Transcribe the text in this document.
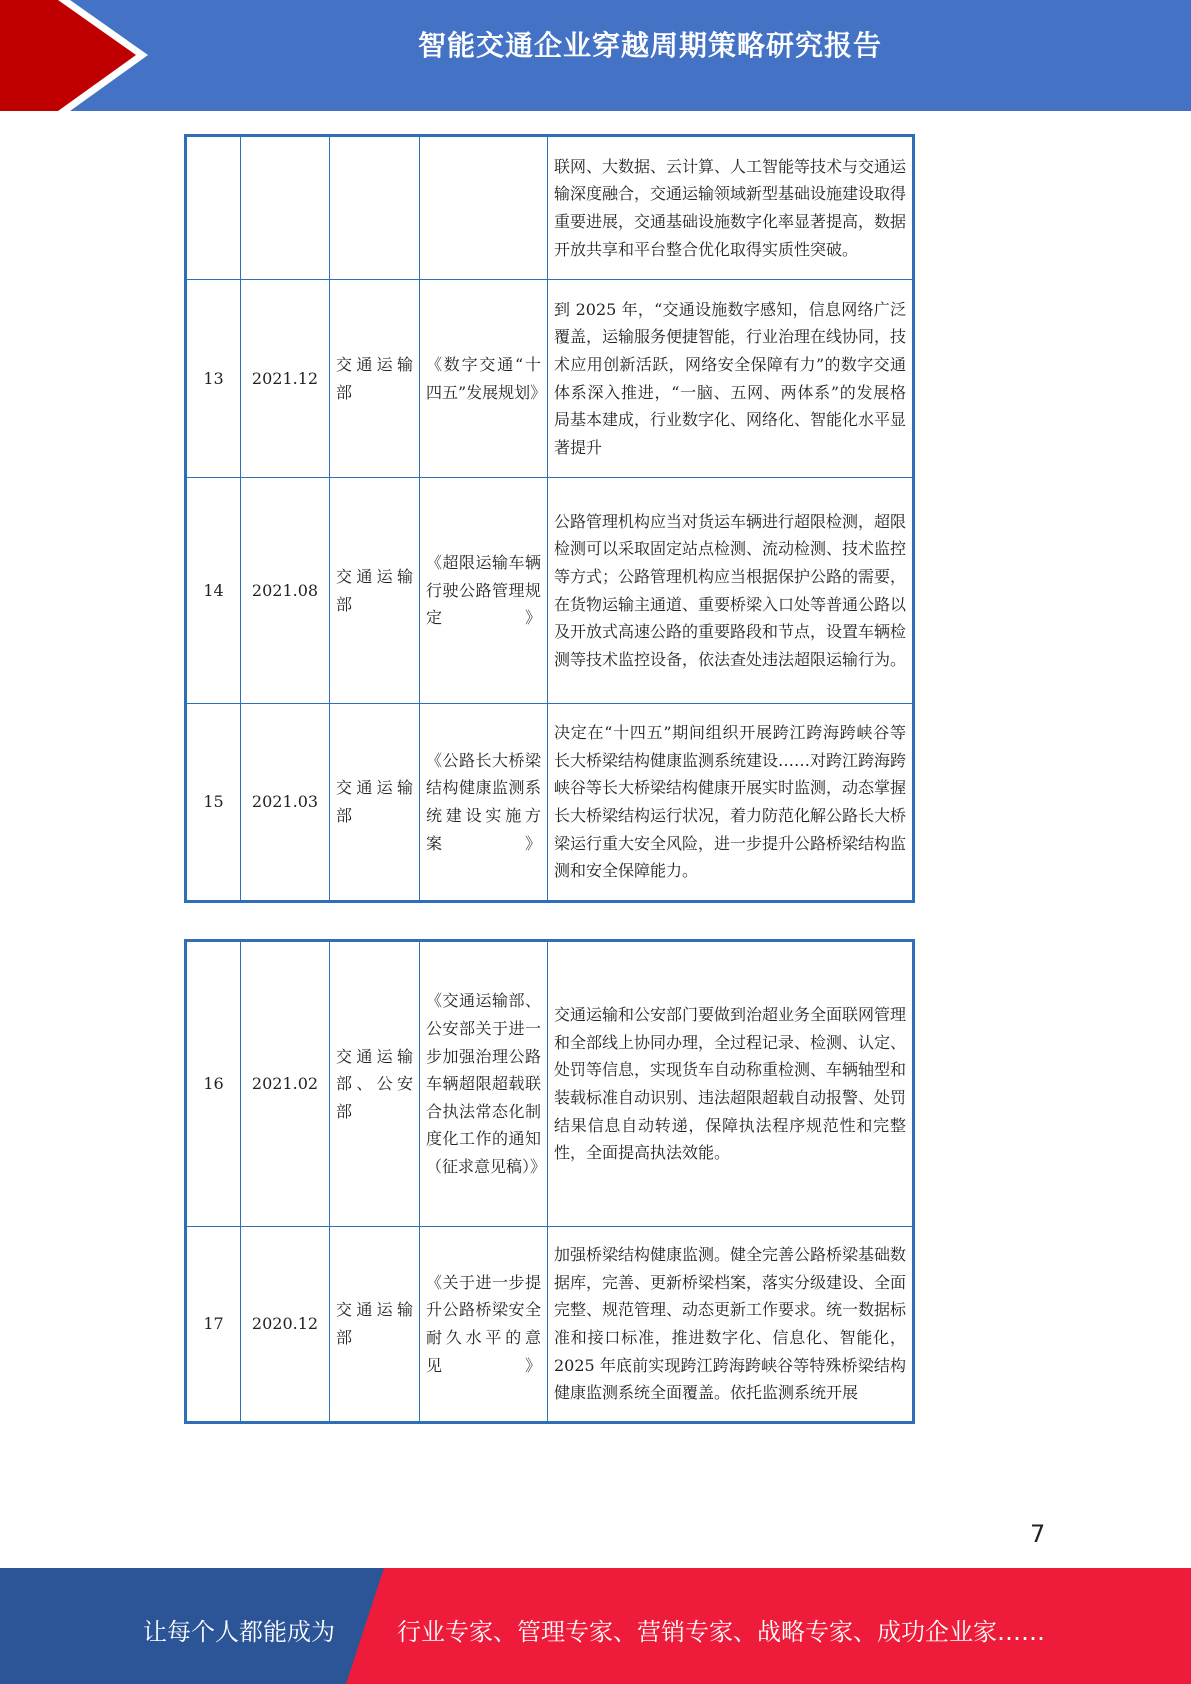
智能交通企业穿越周期策略研究报告

				联网、大数据、云计算、人工智能等技术与交通运输深度融合，交通运输领域新型基础设施建设取得重要进展，交通基础设施数字化率显著提高，数据开放共享和平台整合优化取得实质性突破。

13	2021.12	交通运输部	《数字交通“十四五”发展规划》	到 2025 年，“交通设施数字感知，信息网络广泛覆盖，运输服务便捷智能，行业治理在线协同，技术应用创新活跃，网络安全保障有力”的数字交通体系深入推进，“一脑、五网、两体系”的发展格局基本建成，行业数字化、网络化、智能化水平显著提升

14	2021.08	交通运输部	《超限运输车辆行驶公路管理规定》	公路管理机构应当对货运车辆进行超限检测，超限检测可以采取固定站点检测、流动检测、技术监控等方式；公路管理机构应当根据保护公路的需要，在货物运输主通道、重要桥梁入口处等普通公路以及开放式高速公路的重要路段和节点，设置车辆检测等技术监控设备，依法查处违法超限运输行为。

15	2021.03	交通运输部	《公路长大桥梁结构健康监测系统建设实施方案》	决定在“十四五”期间组织开展跨江跨海跨峡谷等长大桥梁结构健康监测系统建设……对跨江跨海跨峡谷等长大桥梁结构健康开展实时监测，动态掌握长大桥梁结构运行状况，着力防范化解公路长大桥梁运行重大安全风险，进一步提升公路桥梁结构监测和安全保障能力。
16	2021.02	交通运输部、公安部	《交通运输部、公安部关于进一步加强治理公路车辆超限超载联合执法常态化制度化工作的通知（征求意见稿）》	交通运输和公安部门要做到治超业务全面联网管理和全部线上协同办理，全过程记录、检测、认定、处罚等信息，实现货车自动称重检测、车辆轴型和装载标准自动识别、违法超限超载自动报警、处罚结果信息自动转递，保障执法程序规范性和完整性，全面提高执法效能。

17	2020.12	交通运输部	《关于进一步提升公路桥梁安全耐久水平的意见》	加强桥梁结构健康监测。健全完善公路桥梁基础数据库，完善、更新桥梁档案，落实分级建设、全面完整、规范管理、动态更新工作要求。统一数据标准和接口标准，推进数字化、信息化、智能化，2025 年底前实现跨江跨海跨峡谷等特殊桥梁结构健康监测系统全面覆盖。依托监测系统开展
7
让每个人都能成为	行业专家、管理专家、营销专家、战略专家、成功企业家……
